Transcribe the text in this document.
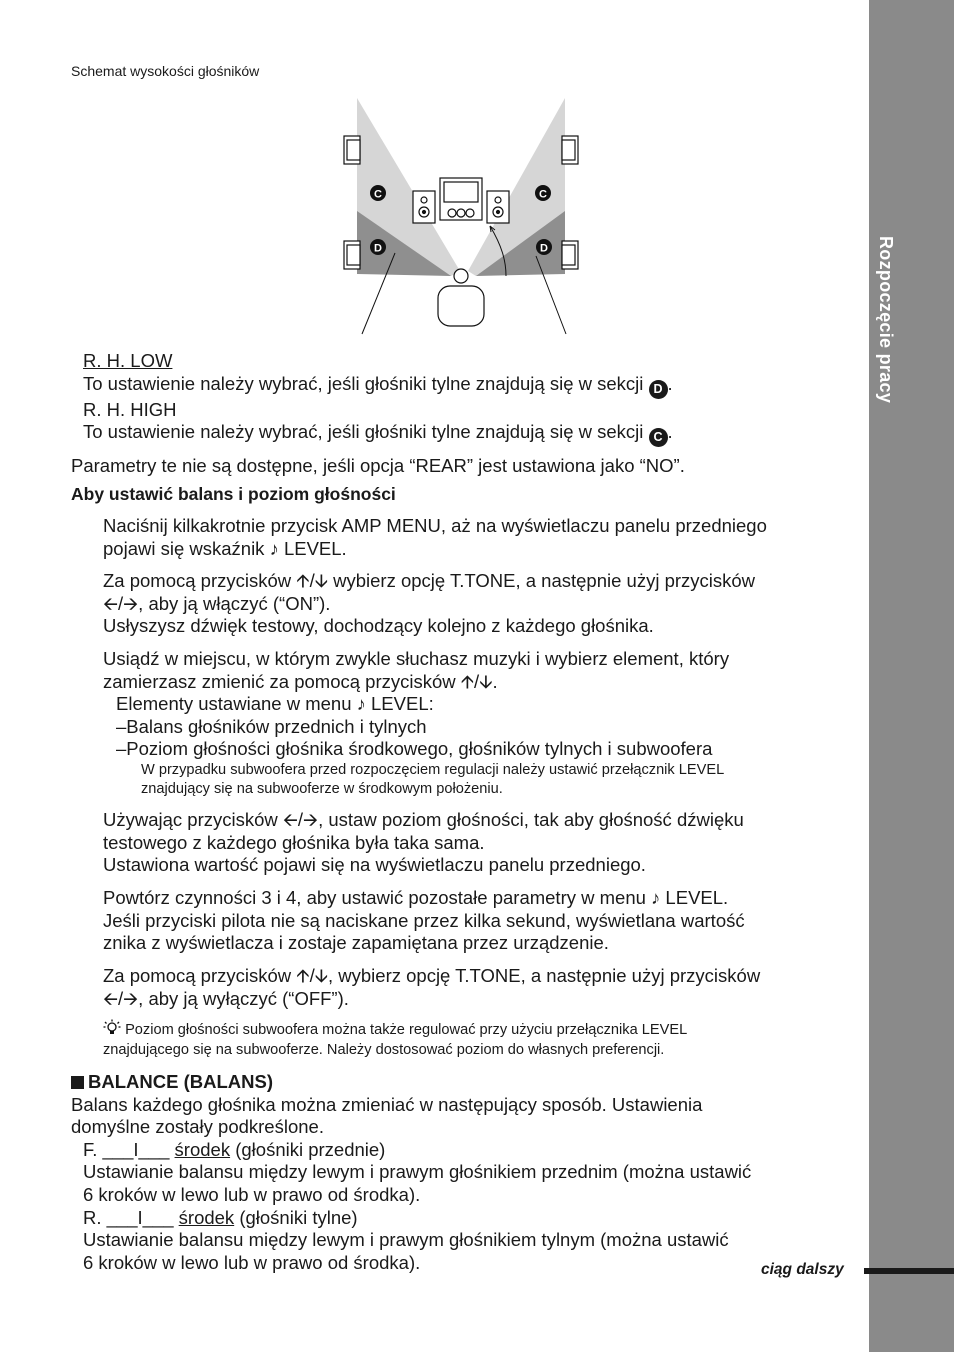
Rozpoczęcie pracy
Schemat wysokości głośników
C	C
D	D
R. H. LOW
To ustawienie należy wybrać, jeśli głośniki tylne znajdują się w sekcji D .
R. H. HIGH
To ustawienie należy wybrać, jeśli głośniki tylne znajdują się w sekcji C .
Parametry te nie są dostępne, jeśli opcja “REAR” jest ustawiona jako “NO”.
Aby ustawić balans i poziom głośności
Naciśnij kilkakrotnie przycisk AMP MENU, aż na wyświetlaczu panelu przedniego
pojawi się wskaźnik ♪ LEVEL.
Za pomocą przycisków 🡩/🡫 wybierz opcję T.TONE, a następnie użyj przycisków
🡨/🡪, aby ją włączyć (“ON”).
Usłyszysz dźwięk testowy, dochodzący kolejno z każdego głośnika.
Usiądź w miejscu, w którym zwykle słuchasz muzyki i wybierz element, który
zamierzasz zmienić za pomocą przycisków 🡩/🡫.
Elementy ustawiane w menu ♪ LEVEL:
–Balans głośników przednich i tylnych
–Poziom głośności głośnika środkowego, głośników tylnych i subwoofera
W przypadku subwoofera przed rozpoczęciem regulacji należy ustawić przełącznik LEVEL
znajdujący się na subwooferze w środkowym położeniu.
Używając przycisków 🡨/🡪, ustaw poziom głośności, tak aby głośność dźwięku
testowego z każdego głośnika była taka sama.
Ustawiona wartość pojawi się na wyświetlaczu panelu przedniego.
Powtórz czynności 3 i 4, aby ustawić pozostałe parametry w menu ♪ LEVEL.
Jeśli przyciski pilota nie są naciskane przez kilka sekund, wyświetlana wartość
znika z wyświetlacza i zostaje zapamiętana przez urządzenie.
Za pomocą przycisków 🡩/🡫, wybierz opcję T.TONE, a następnie użyj przycisków
🡨/🡪, aby ją wyłączyć (“OFF”).
Poziom głośności subwoofera można także regulować przy użyciu przełącznika LEVEL
znajdującego się na subwooferze. Należy dostosować poziom do własnych preferencji.
BALANCE (BALANS)
Balans każdego głośnika można zmieniać w następujący sposób. Ustawienia
domyślne zostały podkreślone.
F. ___I___ środek (głośniki przednie)
Ustawianie balansu między lewym i prawym głośnikiem przednim (można ustawić
6 kroków w lewo lub w prawo od środka).
R. ___I___ środek (głośniki tylne)
Ustawianie balansu między lewym i prawym głośnikiem tylnym (można ustawić
6 kroków w lewo lub w prawo od środka).	ciąg dalszy
